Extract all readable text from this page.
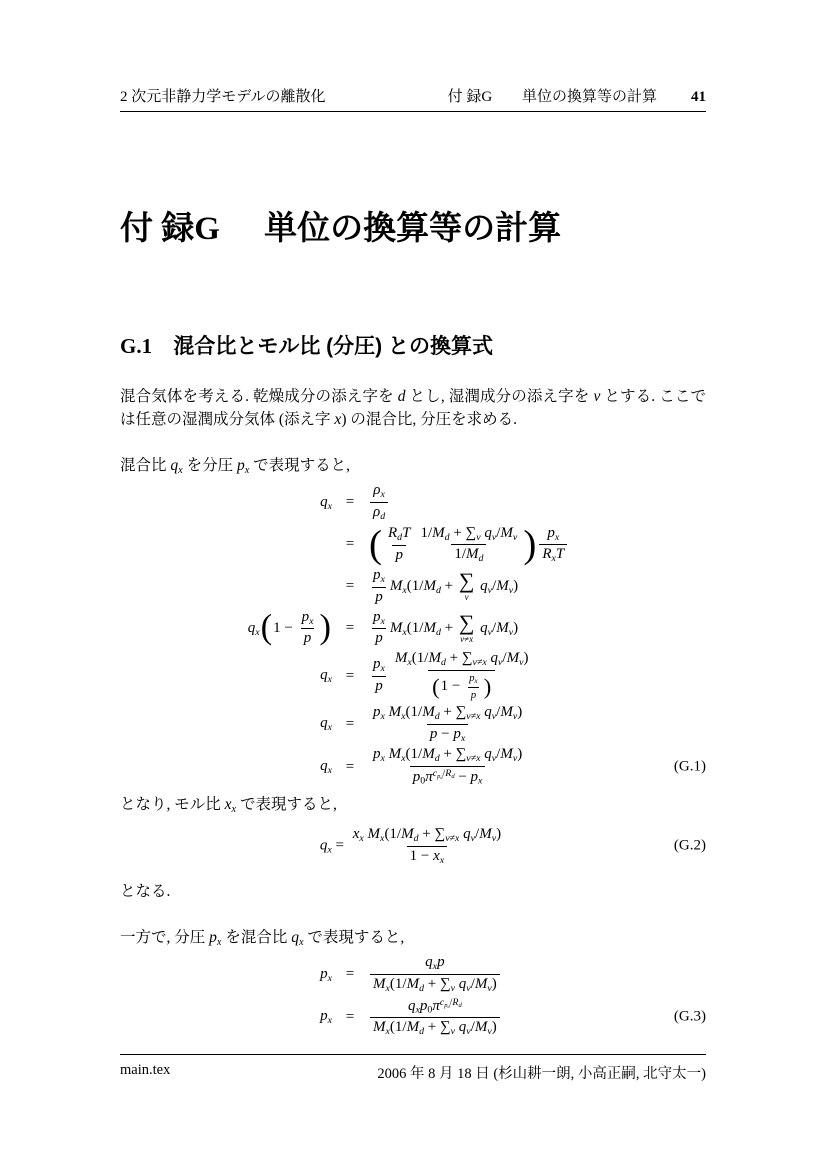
2 次元非静力学モデルの離散化	付 録G 単位の換算等の計算 41
付 録G 単位の換算等の計算
G.1 混合比とモル比 (分圧) との換算式

混合気体を考える. 乾燥成分の添え字を d とし, 湿潤成分の添え字を v とする. ここでは任意の湿潤成分気体 (添え字 x) の混合比, 分圧を求める.

混合比 qx を分圧 px で表現すると,

qx =	$\frac{\rho x}{\rho d}$
= ( $\frac{\text{RdT}}{p} \frac{\text{1/Md + ∑v qv/Mv}}{1/Md}$ ) $\frac{px}{\text{RxT}}$
=	$\frac{px}{p} Mx(1/Md$ + ∑
v
qv/Mv)
$qx(1 - \frac{px}{p}$ ) =	$\frac{px}{p} Mx(1/Md$ + ∑
v≠x
qv/Mv)
qx =	$\frac{px}{p} \frac{\text{Mx(1/Md + ∑v≠x qv/Mv)}}{(1 - \frac{px}{p} )}$
qx =	$\frac{\text{px Mx(1/Md + ∑v≠x qv/Mv)}}{p - px}$
qx =	$\frac{\text{px Mx(1/Md + ∑v≠x qv/Mv)}}{p0\pi^{cpd/Rd} - px}$	(G.1)

となり, モル比 xx で表現すると,

qx = $\frac{\text{xx Mx(1/Md + ∑v≠x qv/Mv)}}{1 - xx}$	(G.2)

となる.

一方で, 分圧 px を混合比 qx で表現すると,

px =	$\frac{\text{qxp}}{\text{Mx(1/Md + ∑v qv/Mv)}}$
px =	$\frac{qxp0\pi^{cpd/Rd}}{\text{Mx(1/Md + ∑v qv/Mv)}}$	(G.3)
main.tex	2006 年 8 月 18 日 (杉山耕一朗, 小高正嗣, 北守太一)
